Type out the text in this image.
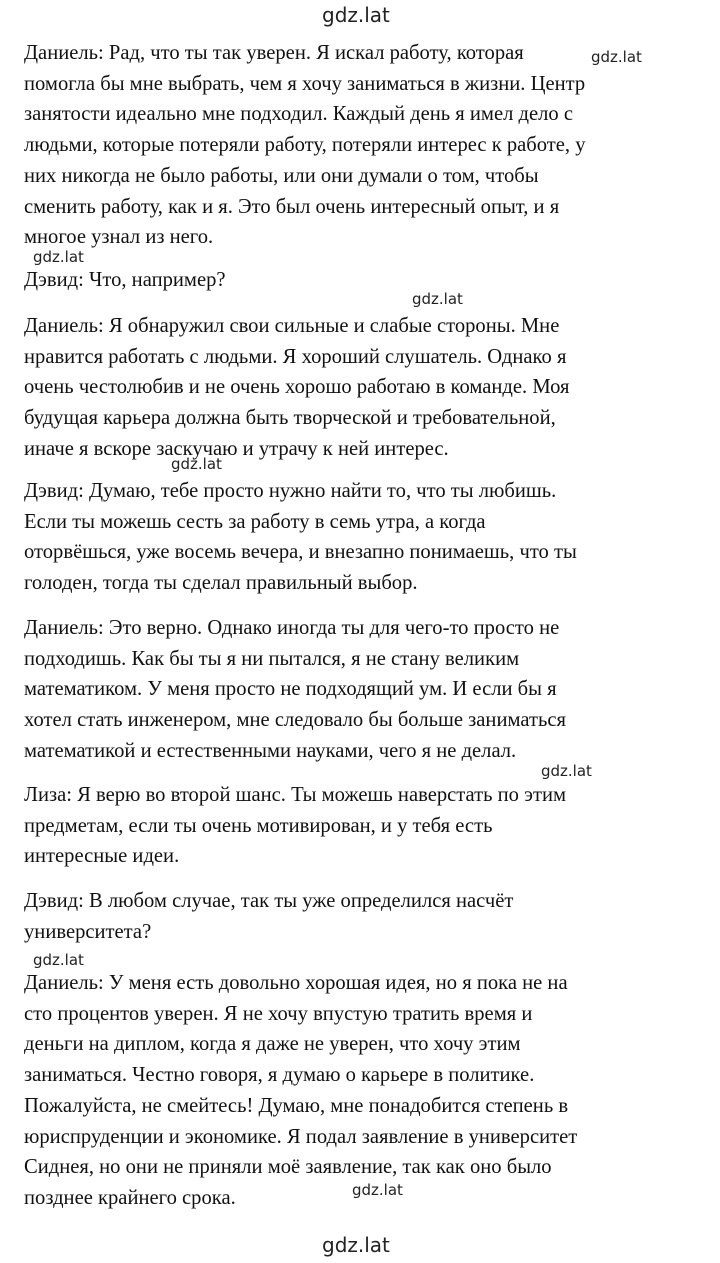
gdz.lat
Даниель: Рад, что ты так уверен. Я искал работу, которая
помогла бы мне выбрать, чем я хочу заниматься в жизни. Центр
занятости идеально мне подходил. Каждый день я имел дело с
людьми, которые потеряли работу, потеряли интерес к работе, у
них никогда не было работы, или они думали о том, чтобы
сменить работу, как и я. Это был очень интересный опыт, и я
многое узнал из него.
gdz.lat
gdz.lat
Дэвид: Что, например?
gdz.lat
Даниель: Я обнаружил свои сильные и слабые стороны. Мне
нравится работать с людьми. Я хороший слушатель. Однако я
очень честолюбив и не очень хорошо работаю в команде. Моя
будущая карьера должна быть творческой и требовательной,
иначе я вскоре заскучаю и утрачу к ней интерес.
gdz.lat
Дэвид: Думаю, тебе просто нужно найти то, что ты любишь.
Если ты можешь сесть за работу в семь утра, а когда
оторвёшься, уже восемь вечера, и внезапно понимаешь, что ты
голоден, тогда ты сделал правильный выбор.
Даниель: Это верно. Однако иногда ты для чего-то просто не
подходишь. Как бы ты я ни пытался, я не стану великим
математиком. У меня просто не подходящий ум. И если бы я
хотел стать инженером, мне следовало бы больше заниматься
математикой и естественными науками, чего я не делал.
gdz.lat
Лиза: Я верю во второй шанс. Ты можешь наверстать по этим
предметам, если ты очень мотивирован, и у тебя есть
интересные идеи.
Дэвид: В любом случае, так ты уже определился насчёт
университета?
gdz.lat
Даниель: У меня есть довольно хорошая идея, но я пока не на
сто процентов уверен. Я не хочу впустую тратить время и
деньги на диплом, когда я даже не уверен, что хочу этим
заниматься. Честно говоря, я думаю о карьере в политике.
Пожалуйста, не смейтесь! Думаю, мне понадобится степень в
юриспруденции и экономике. Я подал заявление в университет
Сиднея, но они не приняли моё заявление, так как оно было
позднее крайнего срока.	gdz.lat
gdz.lat
